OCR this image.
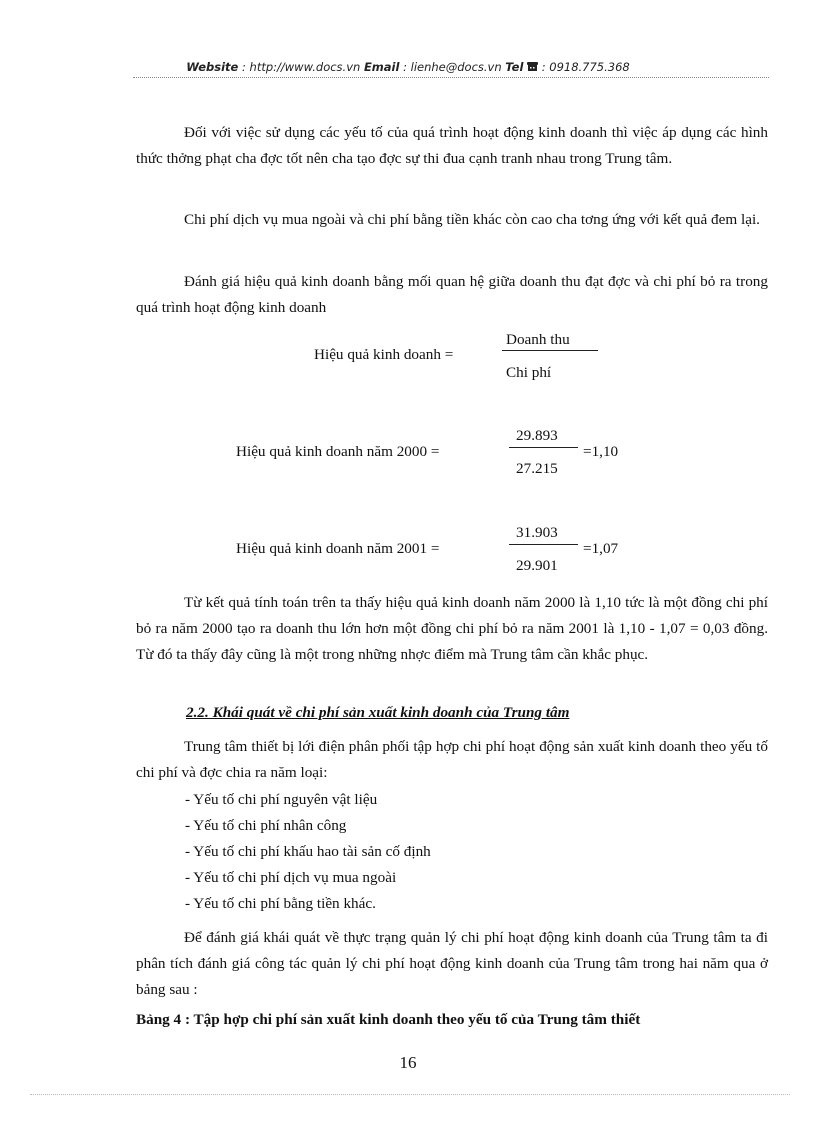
Website : http://www.docs.vn Email : lienhe@docs.vn Tel  : 0918.775.368

Đối với việc sử dụng các yếu tố của quá trình hoạt động kinh doanh thì việc áp dụng các hình thức thởng phạt cha đợc tốt nên cha tạo đợc sự thi đua cạnh tranh nhau trong Trung tâm.

Chi phí dịch vụ mua ngoài và chi phí bằng tiền khác còn cao cha tơng ứng với kết quả đem lại.

Đánh giá hiệu quả kinh doanh bằng mối quan hệ giữa doanh thu đạt đợc và chi phí bỏ ra trong quá trình hoạt động kinh doanh

Hiệu quả kinh doanh =
Doanh thu
Chi phí
Hiệu quả kinh doanh năm 2000 =
29.893
27.215
=1,10
Hiệu quả kinh doanh năm 2001 =
31.903
29.901
=1,07

Từ kết quả tính toán trên ta thấy hiệu quả kinh doanh năm 2000 là 1,10 tức là một đồng chi phí bỏ ra năm 2000 tạo ra doanh thu lớn hơn một đồng chi phí bỏ ra năm 2001 là 1,10 - 1,07 = 0,03 đồng. Từ đó ta thấy đây cũng là một trong những nhợc điểm mà Trung tâm cần khắc phục.

2.2. Khái quát về chi phí sản xuất kinh doanh của Trung tâm

Trung tâm thiết bị lới điện phân phối tập hợp chi phí hoạt động sản xuất kinh doanh theo yếu tố chi phí và đợc chia ra năm loại:

- Yếu tố chi phí nguyên vật liệu
- Yếu tố chi phí nhân công
- Yếu tố chi phí khấu hao tài sản cố định
- Yếu tố chi phí dịch vụ mua ngoài
- Yếu tố chi phí bằng tiền khác.

Để đánh giá khái quát về thực trạng quản lý chi phí hoạt động kinh doanh của Trung tâm ta đi phân tích đánh giá công tác quản lý chi phí hoạt động kinh doanh của Trung tâm trong hai năm qua ở bảng sau :

Bảng 4 : Tập hợp chi phí sản xuất kinh doanh theo yếu tố của Trung tâm thiết
16
